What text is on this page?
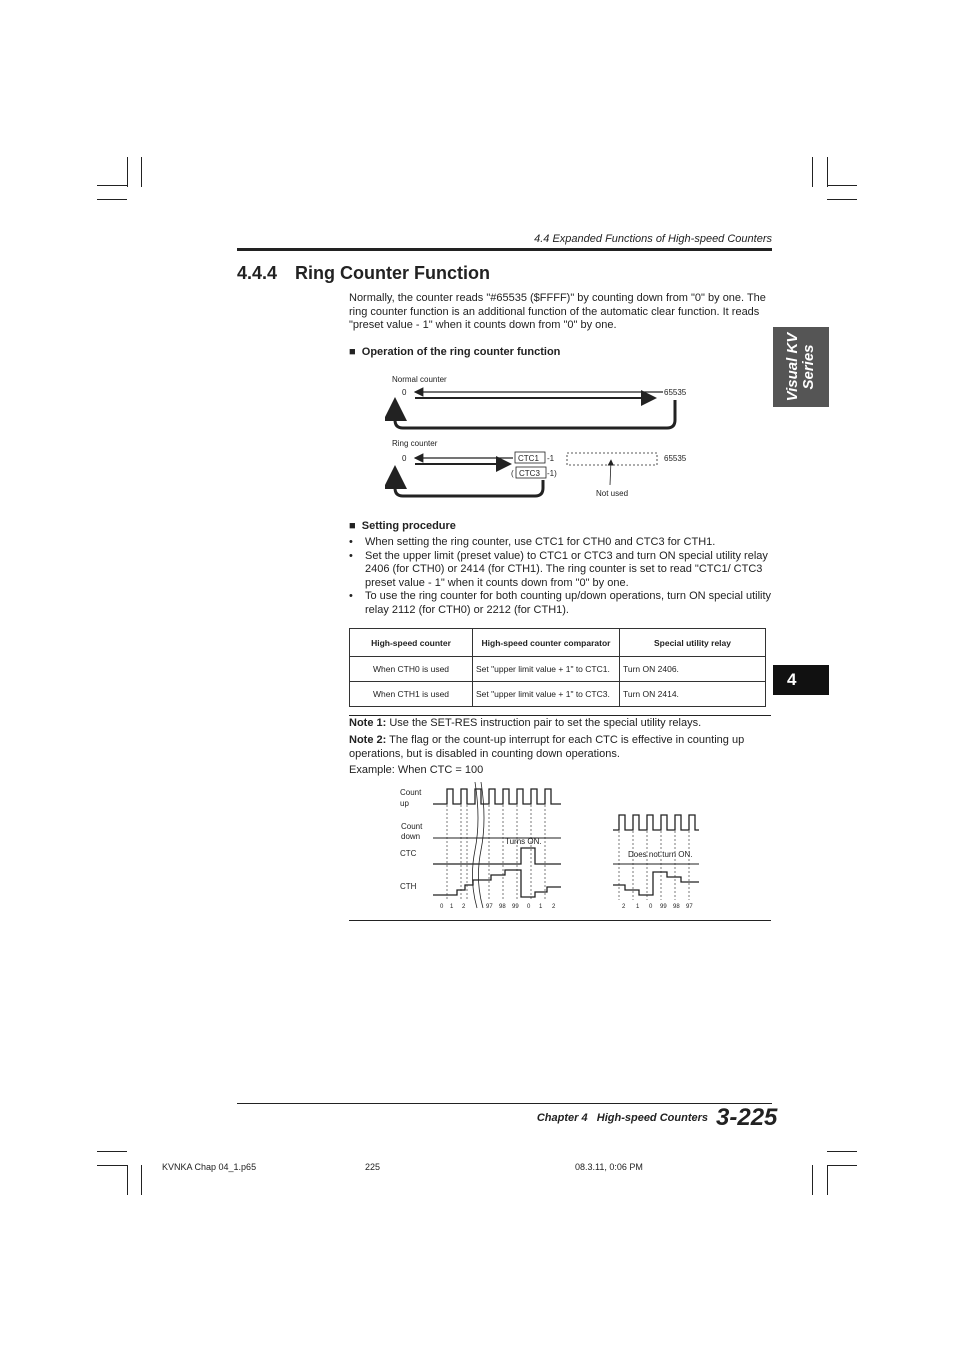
4.4 Expanded Functions of High-speed Counters
4.4.4 Ring Counter Function
Normally, the counter reads "#65535 ($FFFF)" by counting down from "0" by one. The ring counter function is an additional function of the automatic clear function. It reads "preset value - 1" when it counts down from "0" by one.
■ Operation of the ring counter function
Normal counter
0	65535
Ring counter
0	CTC1 -1
( CTC3 -1)
65535
Not used
■ Setting procedure
• When setting the ring counter, use CTC1 for CTH0 and CTC3 for CTH1.
• Set the upper limit (preset value) to CTC1 or CTC3 and turn ON special utility relay 2406 (for CTH0) or 2414 (for CTH1). The ring counter is set to read "CTC1/ CTC3 preset value - 1" when it counts down from "0" by one.
• To use the ring counter for both counting up/down operations, turn ON special utility relay 2112 (for CTH0) or 2212 (for CTH1).
High-speed counter	High-speed counter comparator	Special utility relay
When CTH0 is used	Set "upper limit value + 1" to CTC1.	Turn ON 2406.
When CTH1 is used	Set "upper limit value + 1" to CTC3.	Turn ON 2414.
Note 1: Use the SET-RES instruction pair to set the special utility relays.
Note 2: The flag or the count-up interrupt for each CTC is effective in counting up operations, but is disabled in counting down operations.
Example: When CTC = 100
Count
up
Count
down
CTC
CTH
Turns ON.
0 1 2	97 98 99 0 1 2
Does not turn ON.
2 1 0 99 98 97
Visual KV Series
4
Chapter 4   High-speed Counters 3-225
KVNKA Chap 04_1.p65	225	08.3.11, 0:06 PM
